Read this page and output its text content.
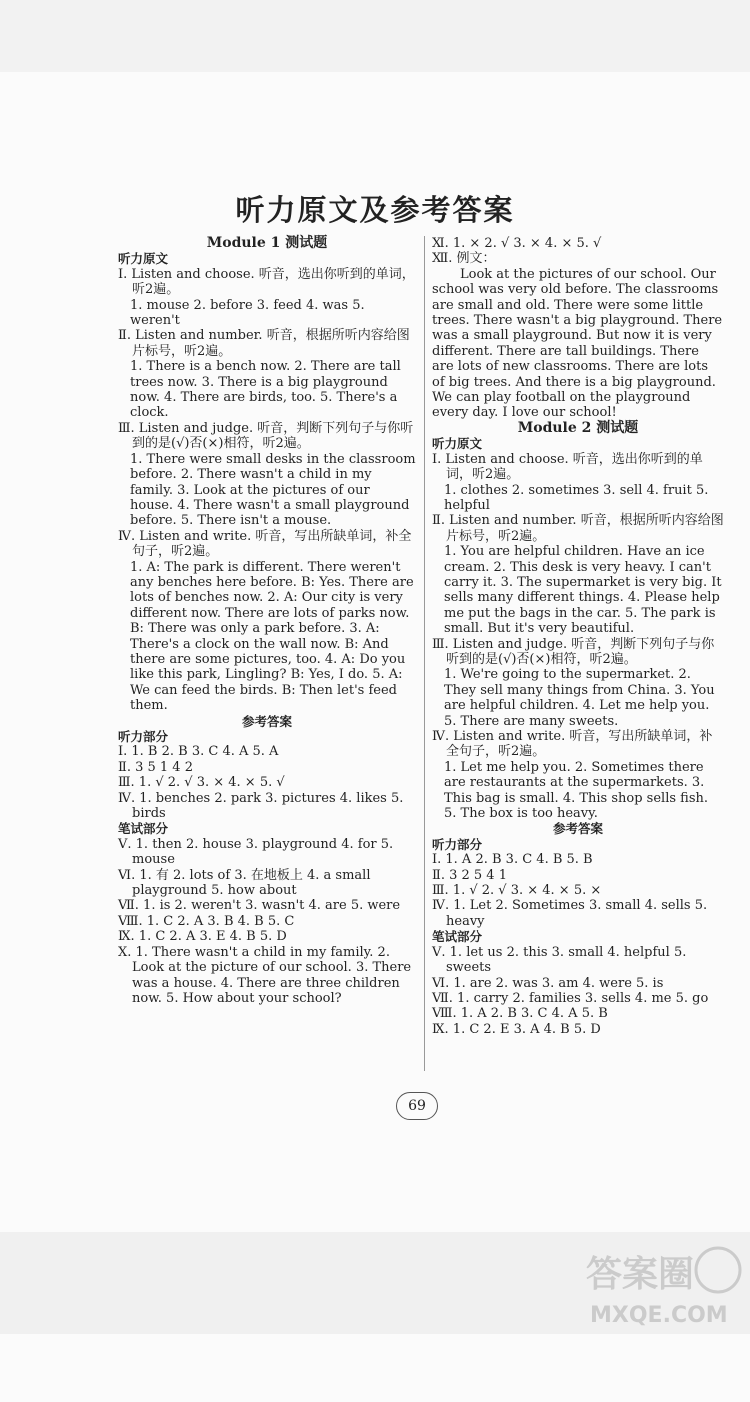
听力原文及参考答案
Module 1 测试题
听力原文
Ⅰ. Listen and choose. 听音，选出你听到的单词，听2遍。
1. mouse 2. before 3. feed 4. was 5. weren't
Ⅱ. Listen and number. 听音，根据所听内容给图片标号，听2遍。
1. There is a bench now. 2. There are tall trees now. 3. There is a big playground now. 4. There are birds, too. 5. There's a clock.
Ⅲ. Listen and judge. 听音，判断下列句子与你听到的是(√)否(×)相符，听2遍。
1. There were small desks in the classroom before. 2. There wasn't a child in my family. 3. Look at the pictures of our house. 4. There wasn't a small playground before. 5. There isn't a mouse.
Ⅳ. Listen and write. 听音，写出所缺单词，补全句子，听2遍。
1. A: The park is different. There weren't any benches here before. B: Yes. There are lots of benches now. 2. A: Our city is very different now. There are lots of parks now. B: There was only a park before. 3. A: There's a clock on the wall now. B: And there are some pictures, too. 4. A: Do you like this park, Lingling? B: Yes, I do. 5. A: We can feed the birds. B: Then let's feed them.
参考答案
听力部分
Ⅰ. 1. B 2. B 3. C 4. A 5. A
Ⅱ. 3 5 1 4 2
Ⅲ. 1. √ 2. √ 3. × 4. × 5. √
Ⅳ. 1. benches 2. park 3. pictures 4. likes 5. birds
笔试部分
Ⅴ. 1. then 2. house 3. playground 4. for 5. mouse
Ⅵ. 1. 有 2. lots of 3. 在地板上 4. a small playground 5. how about
Ⅶ. 1. is 2. weren't 3. wasn't 4. are 5. were
Ⅷ. 1. C 2. A 3. B 4. B 5. C
Ⅸ. 1. C 2. A 3. E 4. B 5. D
Ⅹ. 1. There wasn't a child in my family. 2. Look at the picture of our school. 3. There was a house. 4. There are three children now. 5. How about your school?
Ⅺ. 1. × 2. √ 3. × 4. × 5. √
Ⅻ. 例文：
Look at the pictures of our school. Our school was very old before. The classrooms are small and old. There were some little trees. There wasn't a big playground. There was a small playground. But now it is very different. There are tall buildings. There are lots of new classrooms. There are lots of big trees. And there is a big playground. We can play football on the playground every day. I love our school!
Module 2 测试题
听力原文
Ⅰ. Listen and choose. 听音，选出你听到的单词，听2遍。
1. clothes 2. sometimes 3. sell 4. fruit 5. helpful
Ⅱ. Listen and number. 听音，根据所听内容给图片标号，听2遍。
1. You are helpful children. Have an ice cream. 2. This desk is very heavy. I can't carry it. 3. The supermarket is very big. It sells many different things. 4. Please help me put the bags in the car. 5. The park is small. But it's very beautiful.
Ⅲ. Listen and judge. 听音，判断下列句子与你听到的是(√)否(×)相符，听2遍。
1. We're going to the supermarket. 2. They sell many things from China. 3. You are helpful children. 4. Let me help you. 5. There are many sweets.
Ⅳ. Listen and write. 听音，写出所缺单词，补全句子，听2遍。
1. Let me help you. 2. Sometimes there are restaurants at the supermarkets. 3. This bag is small. 4. This shop sells fish. 5. The box is too heavy.
参考答案
听力部分
Ⅰ. 1. A 2. B 3. C 4. B 5. B
Ⅱ. 3 2 5 4 1
Ⅲ. 1. √ 2. √ 3. × 4. × 5. ×
Ⅳ. 1. Let 2. Sometimes 3. small 4. sells 5. heavy
笔试部分
Ⅴ. 1. let us 2. this 3. small 4. helpful 5. sweets
Ⅵ. 1. are 2. was 3. am 4. were 5. is
Ⅶ. 1. carry 2. families 3. sells 4. me 5. go
Ⅷ. 1. A 2. B 3. C 4. A 5. B
Ⅸ. 1. C 2. E 3. A 4. B 5. D
69
答案圈
MXQE.COM
